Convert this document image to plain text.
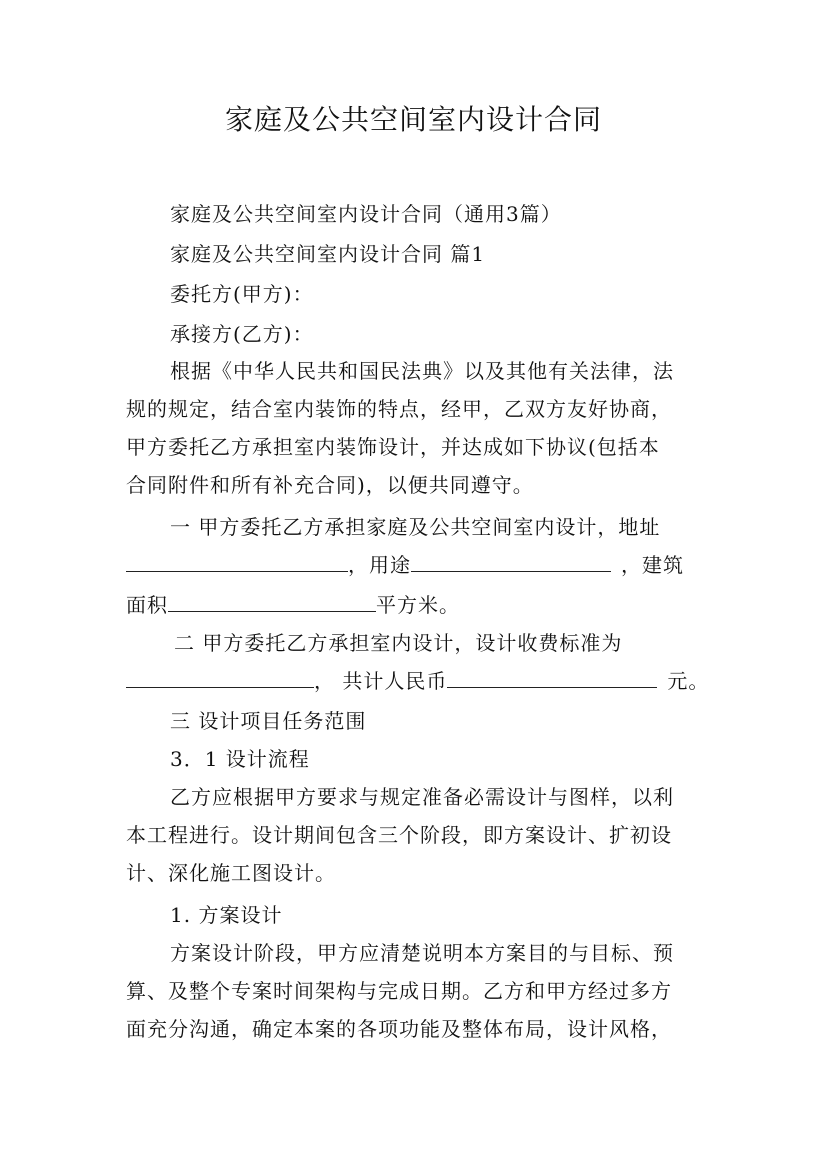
家庭及公共空间室内设计合同
家庭及公共空间室内设计合同（通用3篇）
家庭及公共空间室内设计合同 篇1
委托方(甲方)：
承接方(乙方)：
根据《中华人民共和国民法典》以及其他有关法律，法
规的规定，结合室内装饰的特点，经甲，乙双方友好协商，
甲方委托乙方承担室内装饰设计，并达成如下协议(包括本
合同附件和所有补充合同)，以便共同遵守。
一 甲方委托乙方承担家庭及公共空间室内设计，地址
，用途	，建筑
面积	平方米。
二 甲方委托乙方承担室内设计，设计收费标准为
， 共计人民币	元。
三 设计项目任务范围
3．1 设计流程
乙方应根据甲方要求与规定准备必需设计与图样，以利
本工程进行。设计期间包含三个阶段，即方案设计、扩初设
计、深化施工图设计。
1. 方案设计
方案设计阶段，甲方应清楚说明本方案目的与目标、预
算、及整个专案时间架构与完成日期。乙方和甲方经过多方
面充分沟通，确定本案的各项功能及整体布局，设计风格，
